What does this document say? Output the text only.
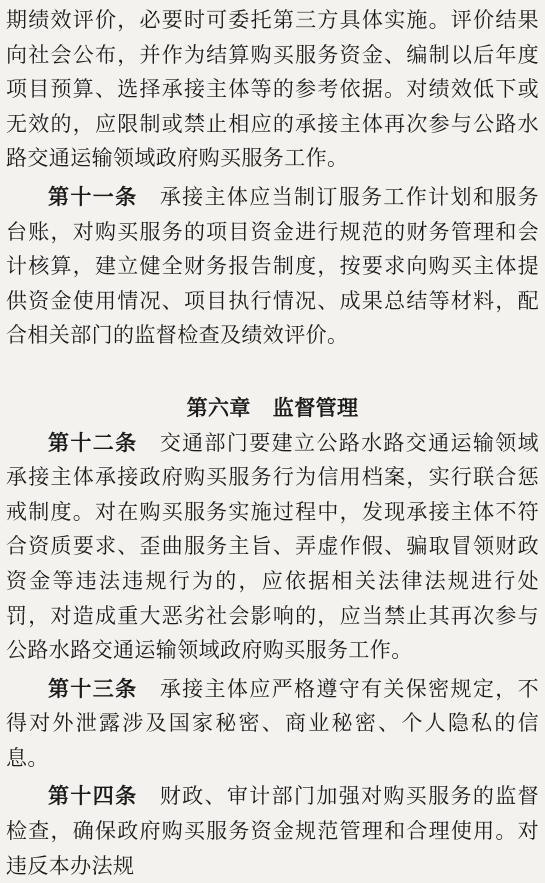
期绩效评价，必要时可委托第三方具体实施。评价结果向社会公布，并作为结算购买服务资金、编制以后年度项目预算、选择承接主体等的参考依据。对绩效低下或无效的，应限制或禁止相应的承接主体再次参与公路水路交通运输领域政府购买服务工作。

第十一条  承接主体应当制订服务工作计划和服务台账，对购买服务的项目资金进行规范的财务管理和会计核算，建立健全财务报告制度，按要求向购买主体提供资金使用情况、项目执行情况、成果总结等材料，配合相关部门的监督检查及绩效评价。

第六章 监督管理

第十二条  交通部门要建立公路水路交通运输领域承接主体承接政府购买服务行为信用档案，实行联合惩戒制度。对在购买服务实施过程中，发现承接主体不符合资质要求、歪曲服务主旨、弄虚作假、骗取冒领财政资金等违法违规行为的，应依据相关法律法规进行处罚，对造成重大恶劣社会影响的，应当禁止其再次参与公路水路交通运输领域政府购买服务工作。

第十三条  承接主体应严格遵守有关保密规定，不得对外泄露涉及国家秘密、商业秘密、个人隐私的信息。

第十四条  财政、审计部门加强对购买服务的监督检查，确保政府购买服务资金规范管理和合理使用。对违反本办法规
